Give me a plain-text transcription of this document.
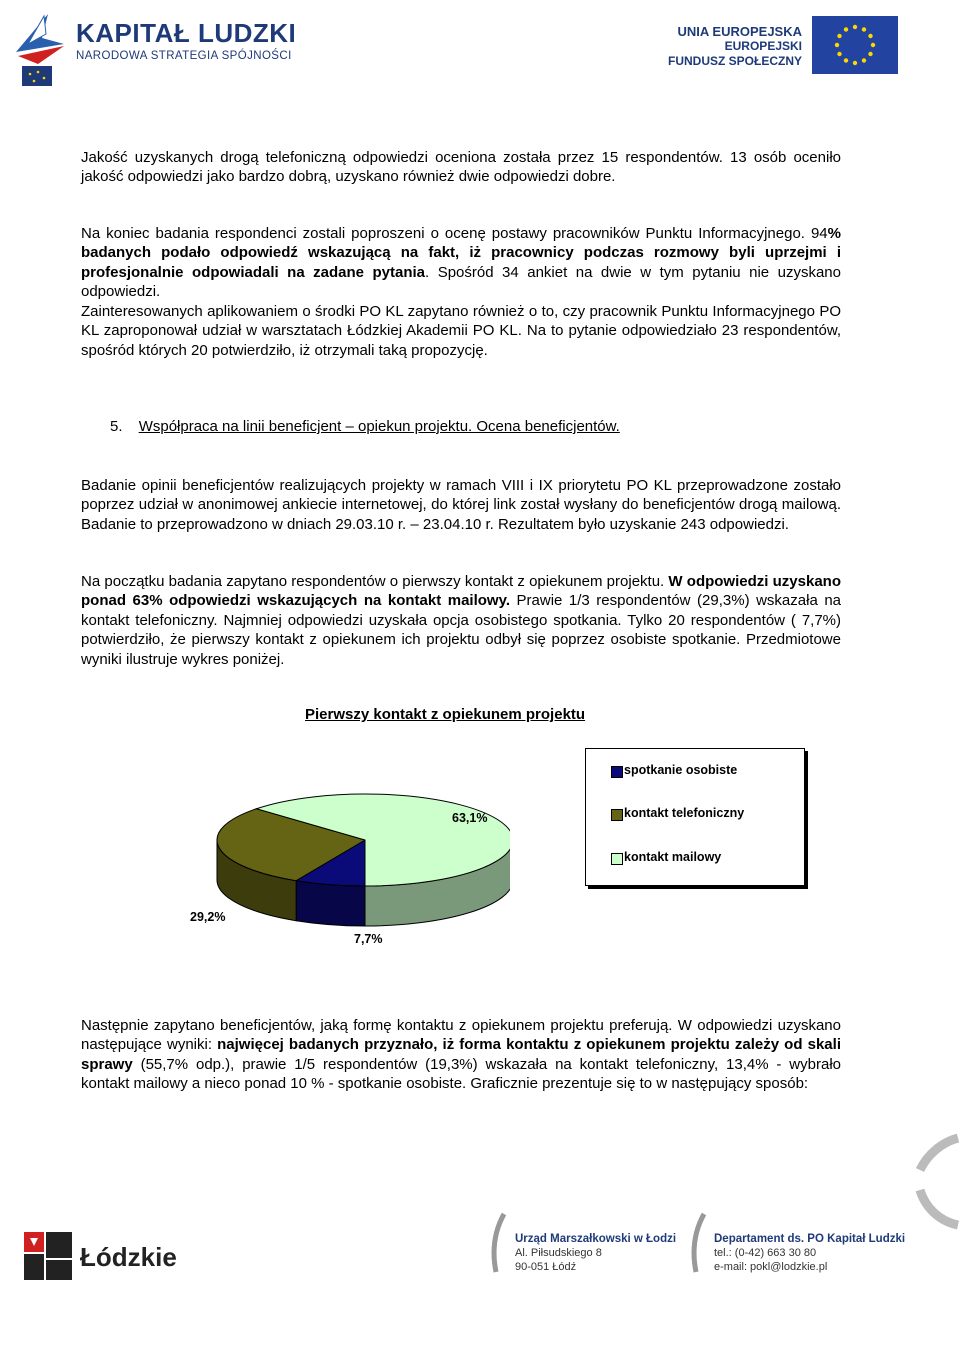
KAPITAŁ LUDZKI
NARODOWA STRATEGIA SPÓJNOŚCI
UNIA EUROPEJSKA
EUROPEJSKI
FUNDUSZ SPOŁECZNY
Jakość uzyskanych drogą telefoniczną odpowiedzi oceniona została przez 15 respondentów. 13 osób oceniło jakość odpowiedzi jako bardzo dobrą, uzyskano również dwie odpowiedzi dobre.
Na koniec badania respondenci zostali poproszeni o ocenę postawy pracowników Punktu Informacyjnego. 94% badanych podało odpowiedź wskazującą na fakt, iż pracownicy podczas rozmowy byli uprzejmi i profesjonalnie odpowiadali na zadane pytania. Spośród 34 ankiet na dwie w tym pytaniu nie uzyskano odpowiedzi.
Zainteresowanych aplikowaniem o środki PO KL zapytano również o to, czy pracownik Punktu Informacyjnego PO KL zaproponował udział w warsztatach Łódzkiej Akademii PO KL. Na to pytanie odpowiedziało 23 respondentów, spośród których 20 potwierdziło, iż otrzymali taką propozycję.
5. Współpraca na linii beneficjent – opiekun projektu. Ocena beneficjentów.
Badanie opinii beneficjentów realizujących projekty w ramach VIII i IX priorytetu PO KL przeprowadzone zostało poprzez udział w anonimowej ankiecie internetowej, do której link został wysłany do beneficjentów drogą mailową. Badanie to przeprowadzono w dniach 29.03.10 r. – 23.04.10 r. Rezultatem było uzyskanie 243 odpowiedzi.
Na początku badania zapytano respondentów o pierwszy kontakt z opiekunem projektu. W odpowiedzi uzyskano ponad 63% odpowiedzi wskazujących na kontakt mailowy. Prawie 1/3 respondentów (29,3%) wskazała na kontakt telefoniczny. Najmniej odpowiedzi uzyskała opcja osobistego spotkania. Tylko 20 respondentów ( 7,7%) potwierdziło, że pierwszy kontakt z opiekunem ich projektu odbył się poprzez osobiste spotkanie. Przedmiotowe wyniki ilustruje wykres poniżej.
Pierwszy kontakt z opiekunem projektu
7,7%
29,2%
63,1%
spotkanie osobiste
kontakt telefoniczny
kontakt mailowy
Następnie zapytano beneficjentów, jaką formę kontaktu z opiekunem projektu preferują. W odpowiedzi uzyskano następujące wyniki: najwięcej badanych przyznało, iż forma kontaktu z opiekunem projektu zależy od skali sprawy (55,7% odp.), prawie 1/5 respondentów (19,3%) wskazała na kontakt telefoniczny, 13,4% - wybrało kontakt mailowy a nieco ponad 10 % - spotkanie osobiste. Graficznie prezentuje się to w następujący sposób:
Łódzkie
Urząd Marszałkowski w Łodzi
Al. Piłsudskiego 8
90-051 Łódź
Departament ds. PO Kapitał Ludzki
tel.: (0-42) 663 30 80
e-mail: pokl@lodzkie.pl
